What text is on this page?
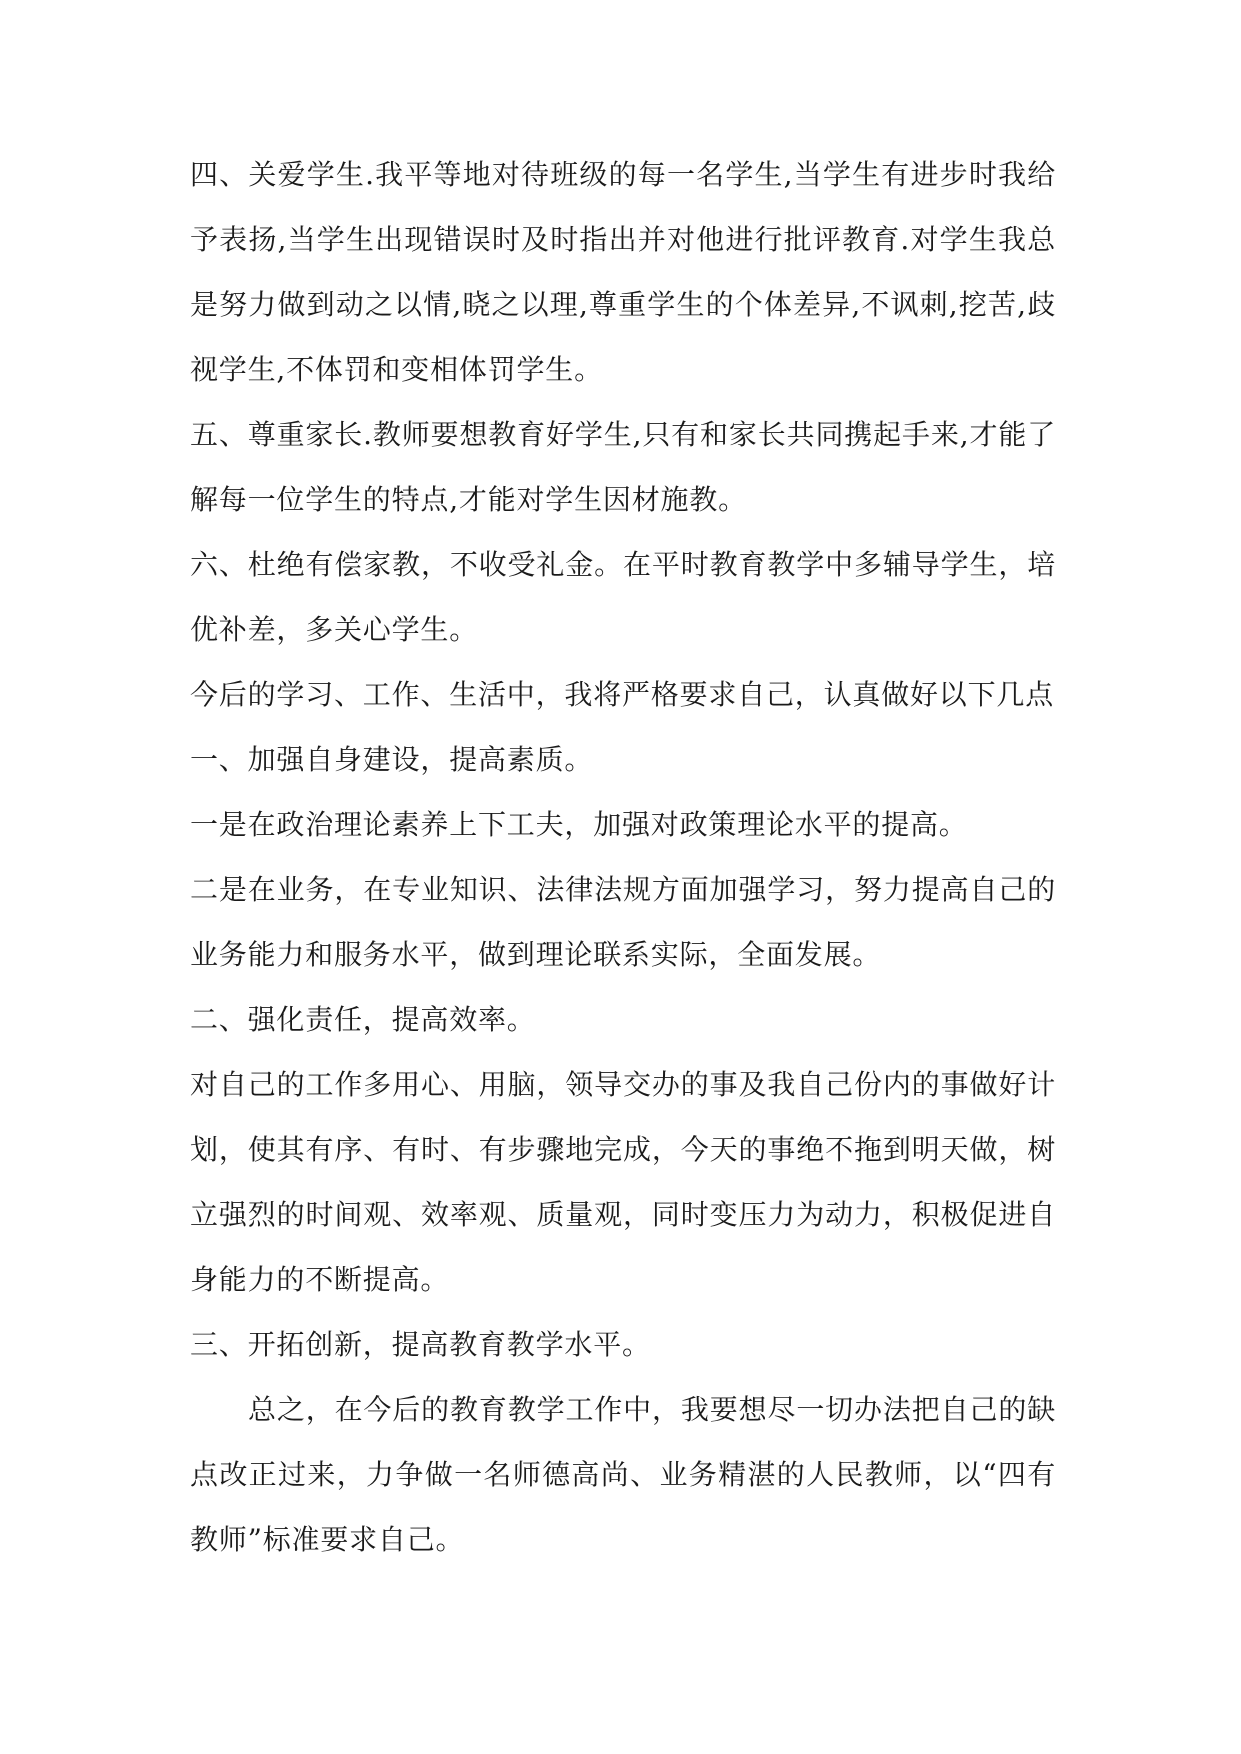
四、关爱学生.我平等地对待班级的每一名学生,当学生有进步时我给予表扬,当学生出现错误时及时指出并对他进行批评教育.对学生我总是努力做到动之以情,晓之以理,尊重学生的个体差异,不讽刺,挖苦,歧视学生,不体罚和变相体罚学生。

五、尊重家长.教师要想教育好学生,只有和家长共同携起手来,才能了解每一位学生的特点,才能对学生因材施教。

六、杜绝有偿家教，不收受礼金。在平时教育教学中多辅导学生，培优补差，多关心学生。

今后的学习、工作、生活中，我将严格要求自己，认真做好以下几点

一、加强自身建设，提高素质。

一是在政治理论素养上下工夫，加强对政策理论水平的提高。

二是在业务，在专业知识、法律法规方面加强学习，努力提高自己的业务能力和服务水平，做到理论联系实际，全面发展。

二、强化责任，提高效率。

对自己的工作多用心、用脑，领导交办的事及我自己份内的事做好计划，使其有序、有时、有步骤地完成，今天的事绝不拖到明天做，树立强烈的时间观、效率观、质量观，同时变压力为动力，积极促进自身能力的不断提高。

三、开拓创新，提高教育教学水平。

总之，在今后的教育教学工作中，我要想尽一切办法把自己的缺点改正过来，力争做一名师德高尚、业务精湛的人民教师，以“四有教师”标准要求自己。
